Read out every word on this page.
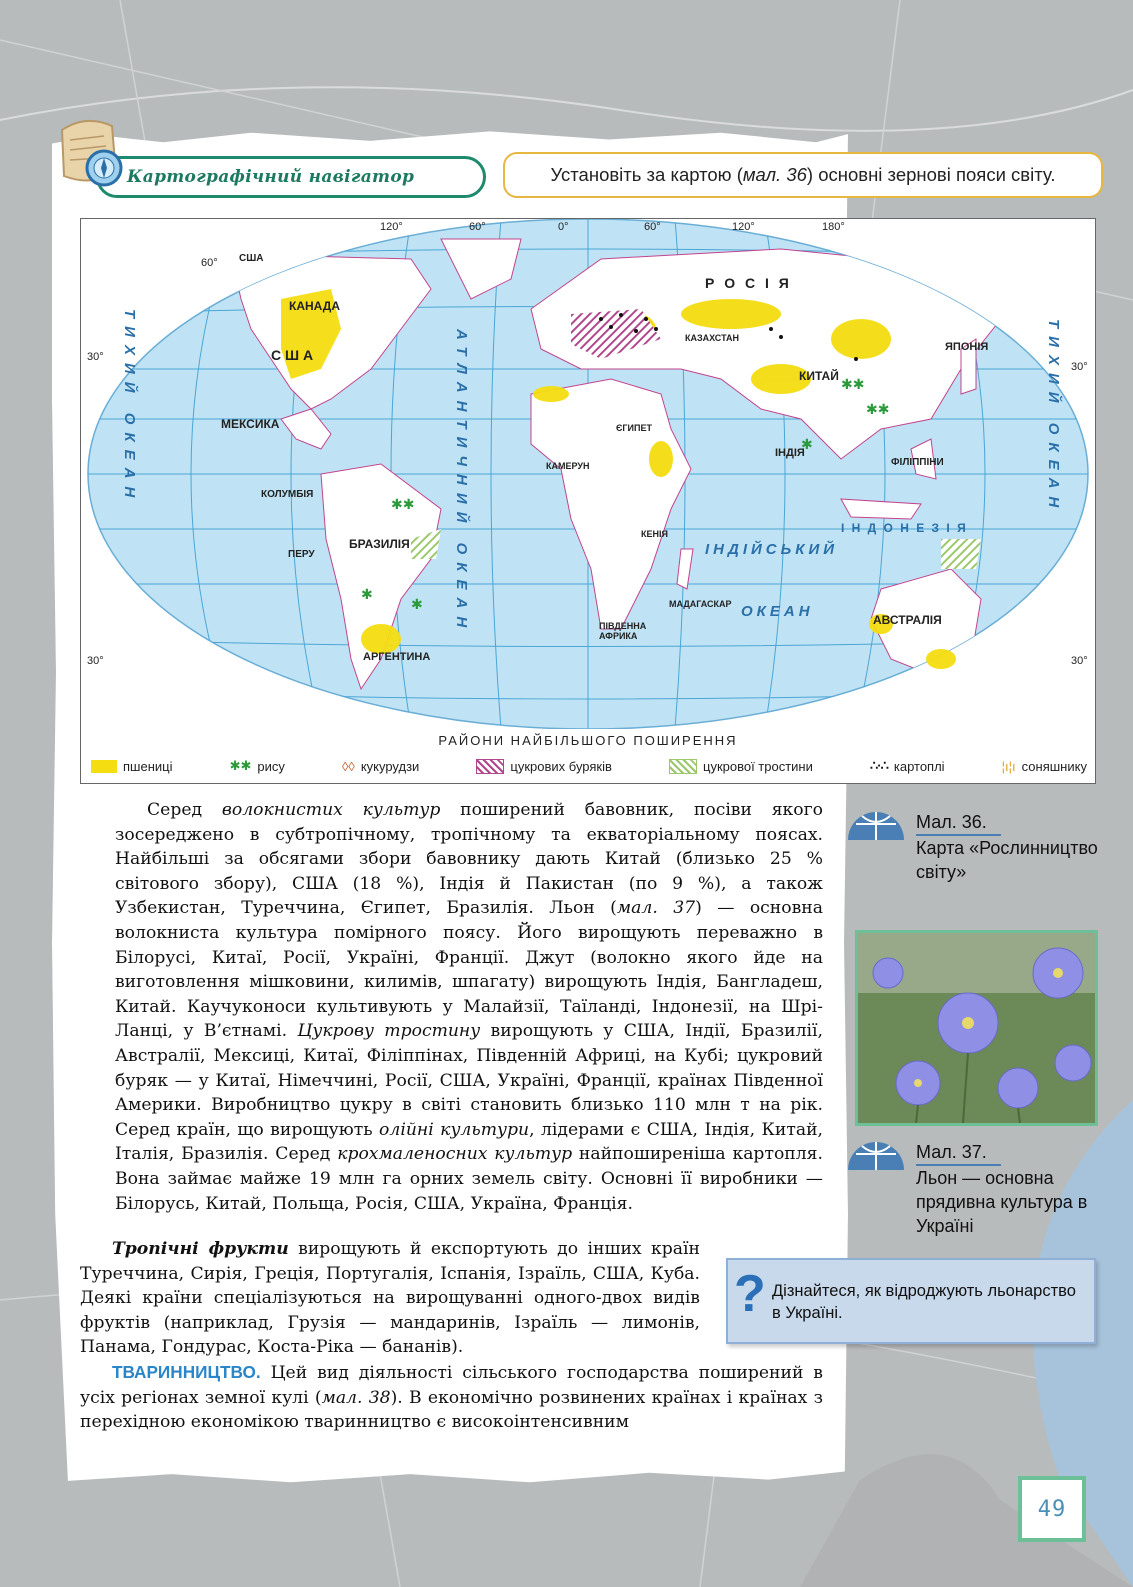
Картографічний навігатор	Установіть за картою ( мал. 36 ) основні зернові пояси світу.
✱✱
✱✱
✱
✱✱
✱
✱
120°	60°	0°	60°	120°	180°
60°
30°
30°
30°	30°
США
КАНАДА
С Ш А
МЕКСИКА
КОЛУМБІЯ
ПЕРУ
БРАЗИЛІЯ
АРГЕНТИНА
Р О С І Я
КАЗАХСТАН
КИТАЙ
ЯПОНІЯ
ЄГИПЕТ
КАМЕРУН
ІНДІЯ
ФІЛІППІНИ
КЕНІЯ	І Н Д О Н Е З І Я
МАДАГАСКАР
ПІВДЕННА АФРИКА
АВСТРАЛІЯ
ТИХИЙ ОКЕАН	АТЛАНТИЧНИЙ ОКЕАН	ІНДІЙСЬКИЙ
ОКЕАН
ТИХИЙ ОКЕАН
РАЙОНИ НАЙБІЛЬШОГО ПОШИРЕННЯ
пшениці	✱✱ рису	◊◊ кукурудзи	цукрових буряків	цукрової тростини	∴·∴ картоплі	¦ı¦ı соняшнику

Серед волокнистих культур поширений бавовник, посіви якого зосереджено в субтропічному, тропічному та екваторіальному поясах. Найбільші за обсягами збори бавовнику дають Китай (близько 25 % світового збору), США (18 %), Індія й Пакистан (по 9 %), а також Узбекистан, Туреччина, Єгипет, Бразилія. Льон (мал. 37) — основна волокниста культура помірного поясу. Його вирощують переважно в Білорусі, Китаї, Росії, Україні, Франції. Джут (волокно якого йде на виготовлення мішковини, килимів, шпагату) вирощують Індія, Бангладеш, Китай. Каучуконоси культивують у Малайзії, Таїланді, Індонезії, на Шрі-Ланці, у В’єтнамі. Цукрову тростину вирощують у США, Індії, Бразилії, Австралії, Мексиці, Китаї, Філіппінах, Південній Африці, на Кубі; цукровий буряк — у Китаї, Німеччині, Росії, США, Україні, Франції, країнах Південної Америки. Виробництво цукру в світі становить близько 110 млн т на рік. Серед країн, що вирощують олійні культури, лідерами є США, Індія, Китай, Італія, Бразилія. Серед крохмаленосних культур найпоширеніша картопля. Вона займає майже 19 млн га орних земель світу. Основні її виробники — Білорусь, Китай, Польща, Росія, США, Україна, Франція.

Тропічні фрукти вирощують й експортують до інших країн Туреччина, Сирія, Греція, Португалія, Іспанія, Ізраїль, США, Куба. Деякі країни спеціалізуються на вирощуванні одного-двох видів фруктів (наприклад, Грузія — мандаринів, Ізраїль — лимонів, Панама, Гондурас, Коста-Ріка — бананів).

ТВАРИННИЦТВО. Цей вид діяльності сільського господарства поширений в усіх регіонах земної кулі (мал. 38). В економічно розвинених країнах і країнах з перехідною економікою тваринництво є високоінтенсивним

Мал. 36.
Карта «Рослинництво світу»
Мал. 37.
Льон — основна прядивна культура в Україні
? Дізнайтеся, як відроджують льонарство в Україні.
49
